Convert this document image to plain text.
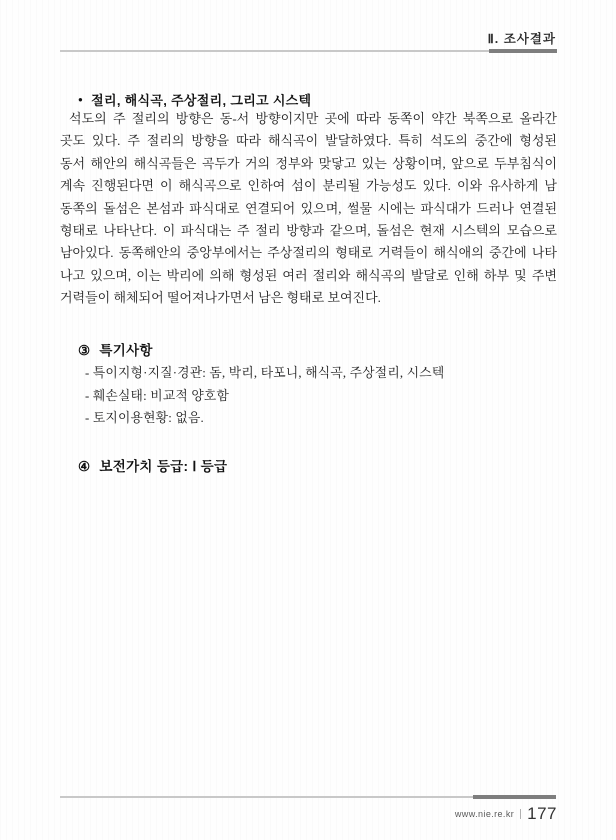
Ⅱ. 조사결과
● 절리, 해식곡, 주상절리, 그리고 시스텍
석도의 주 절리의 방향은 동-서 방향이지만 곳에 따라 동쪽이 약간 북쪽으로 올라간
곳도 있다. 주 절리의 방향을 따라 해식곡이 발달하였다. 특히 석도의 중간에 형성된
동서 해안의 해식곡들은 곡두가 거의 정부와 맞닿고 있는 상황이며, 앞으로 두부침식이
계속 진행된다면 이 해식곡으로 인하여 섬이 분리될 가능성도 있다. 이와 유사하게 남
동쪽의 돌섬은 본섬과 파식대로 연결되어 있으며, 썰물 시에는 파식대가 드러나 연결된
형태로 나타난다. 이 파식대는 주 절리 방향과 같으며, 돌섬은 현재 시스텍의 모습으로
남아있다. 동쪽해안의 중앙부에서는 주상절리의 형태로 거력들이 해식애의 중간에 나타
나고 있으며, 이는 박리에 의해 형성된 여러 절리와 해식곡의 발달로 인해 하부 및 주변
거력들이 해체되어 떨어져나가면서 남은 형태로 보여진다.
③ 특기사항
- 특이지형·지질·경관: 돔, 박리, 타포니, 해식곡, 주상절리, 시스텍
- 훼손실태: 비교적 양호함
- 토지이용현황: 없음.
④ 보전가치 등급: Ⅰ 등급
www.nie.re.kr 177
